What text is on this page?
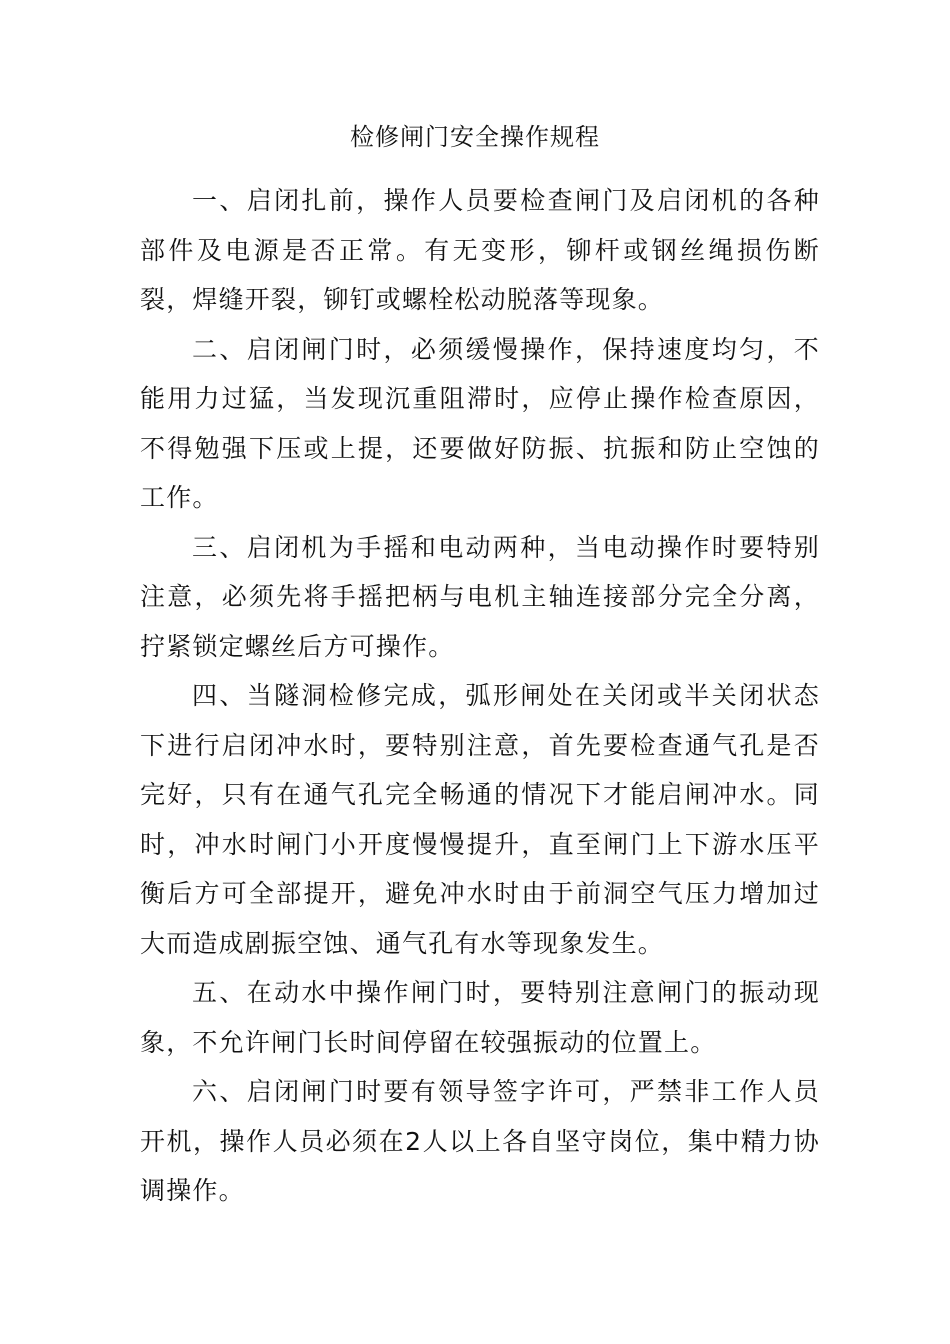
检修闸门安全操作规程

一、启闭扎前，操作人员要检查闸门及启闭机的各种部件及电源是否正常。有无变形，铆杆或钢丝绳损伤断裂，焊缝开裂，铆钉或螺栓松动脱落等现象。

二、启闭闸门时，必须缓慢操作，保持速度均匀，不能用力过猛，当发现沉重阻滞时，应停止操作检查原因，不得勉强下压或上提，还要做好防振、抗振和防止空蚀的工作。

三、启闭机为手摇和电动两种，当电动操作时要特别注意，必须先将手摇把柄与电机主轴连接部分完全分离，拧紧锁定螺丝后方可操作。

四、当隧洞检修完成，弧形闸处在关闭或半关闭状态下进行启闭冲水时，要特别注意，首先要检查通气孔是否完好，只有在通气孔完全畅通的情况下才能启闸冲水。同时，冲水时闸门小开度慢慢提升，直至闸门上下游水压平衡后方可全部提开，避免冲水时由于前洞空气压力增加过大而造成剧振空蚀、通气孔有水等现象发生。

五、在动水中操作闸门时，要特别注意闸门的振动现象，不允许闸门长时间停留在较强振动的位置上。

六、启闭闸门时要有领导签字许可，严禁非工作人员开机，操作人员必须在2人以上各自坚守岗位，集中精力协调操作。
